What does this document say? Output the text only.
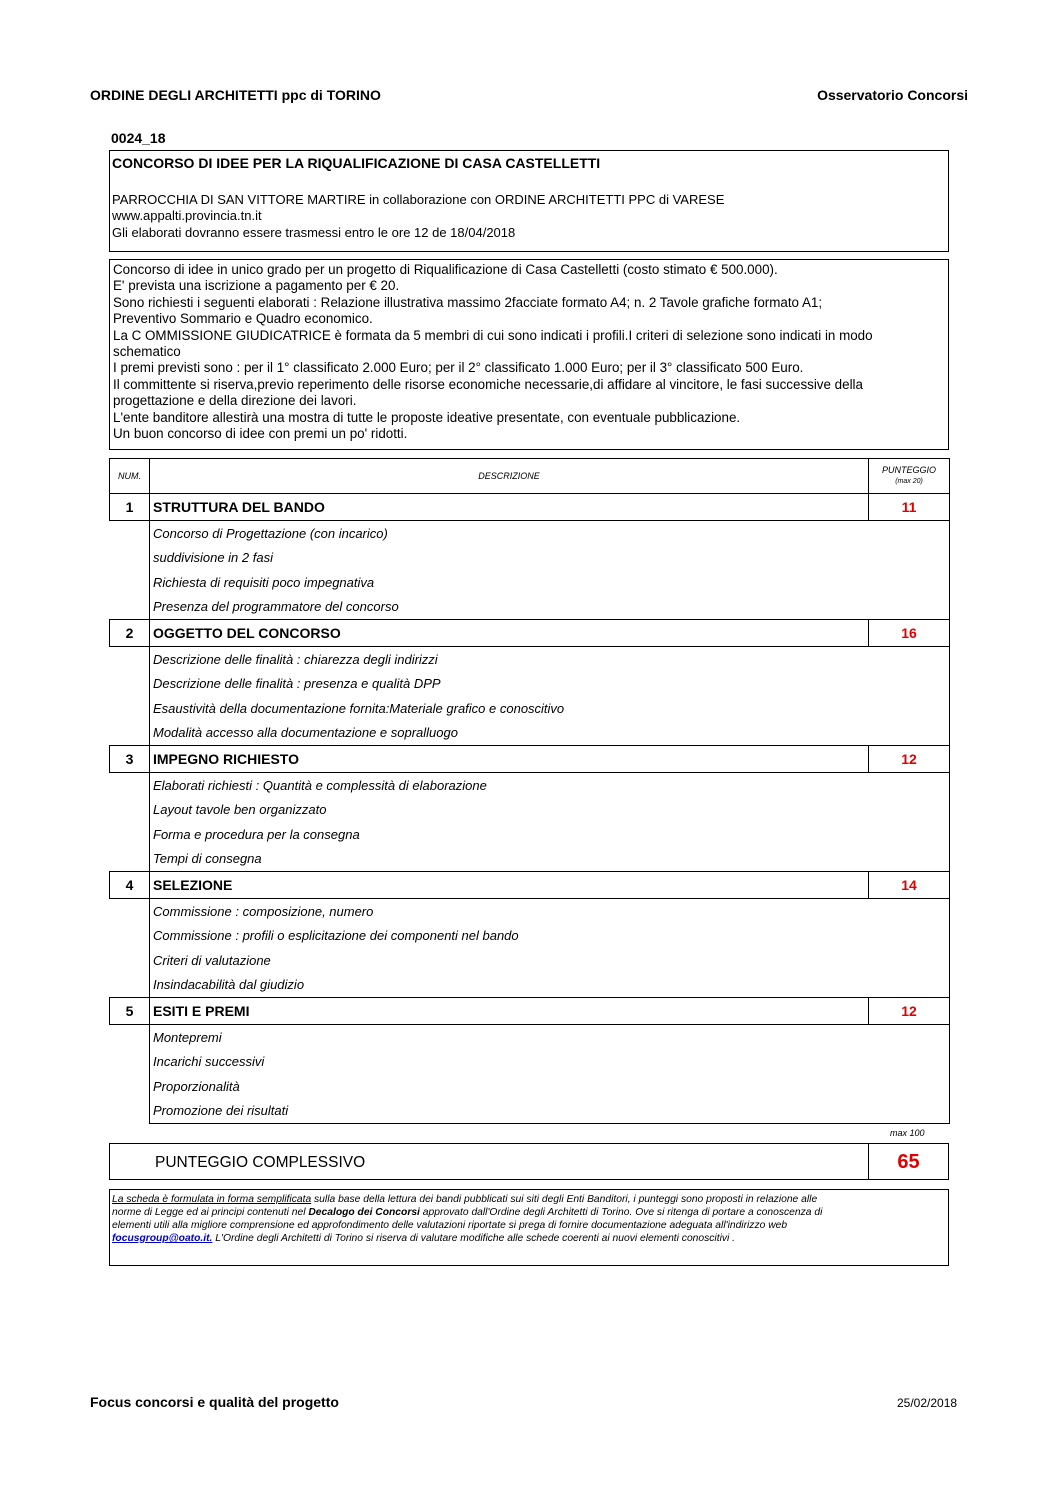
ORDINE DEGLI ARCHITETTI ppc di TORINO	Osservatorio Concorsi
0024_18
CONCORSO DI IDEE PER LA RIQUALIFICAZIONE DI CASA CASTELLETTI
PARROCCHIA DI SAN VITTORE MARTIRE in collaborazione con ORDINE ARCHITETTI PPC di VARESE
www.appalti.provincia.tn.it
Gli elaborati dovranno essere trasmessi entro le ore 12 de 18/04/2018
Concorso di idee in unico grado per un progetto di Riqualificazione di Casa Castelletti (costo stimato € 500.000).
E' prevista una iscrizione a pagamento per € 20.
Sono richiesti i seguenti elaborati : Relazione illustrativa massimo 2facciate formato A4; n. 2 Tavole grafiche formato A1;
Preventivo Sommario e Quadro economico.
La C OMMISSIONE GIUDICATRICE è formata da 5 membri di cui sono indicati i profili.I criteri di selezione sono indicati in modo
schematico
I premi previsti sono : per il 1° classificato 2.000 Euro; per il 2° classificato 1.000 Euro; per il 3° classificato 500 Euro.
Il committente si riserva,previo reperimento delle risorse economiche necessarie,di affidare al vincitore, le fasi successive della
progettazione e della direzione dei lavori.
L'ente banditore allestirà una mostra di tutte le proposte ideative presentate, con eventuale pubblicazione.
Un buon concorso di idee con premi un po' ridotti.
NUM.	DESCRIZIONE	PUNTEGGIO
(max 20)
1	STRUTTURA DEL BANDO	11
	Concorso di Progettazione (con incarico)	
	suddivisione in 2 fasi	
	Richiesta di requisiti poco impegnativa	
	Presenza del programmatore del concorso	
2	OGGETTO DEL CONCORSO	16
	Descrizione delle finalità : chiarezza degli indirizzi	
	Descrizione delle finalità : presenza e qualità DPP	
	Esaustività della documentazione fornita:Materiale grafico e conoscitivo	
	Modalità accesso alla documentazione e sopralluogo	
3	IMPEGNO RICHIESTO	12
	Elaborati richiesti : Quantità e complessità di elaborazione	
	Layout tavole ben organizzato	
	Forma e procedura per la consegna	
	Tempi di consegna	
4	SELEZIONE	14
	Commissione : composizione, numero	
	Commissione : profili o esplicitazione dei componenti nel bando	
	Criteri di valutazione	
	Insindacabilità dal giudizio	
5	ESITI E PREMI	12
	Montepremi	
	Incarichi successivi	
	Proporzionalità	
	Promozione dei risultati	
max 100
PUNTEGGIO COMPLESSIVO	65
La scheda è formulata in forma semplificata sulla base della lettura dei bandi pubblicati sui siti degli Enti Banditori, i punteggi sono proposti in relazione alle
norme di Legge ed ai principi contenuti nel Decalogo dei Concorsi approvato dall'Ordine degli Architetti di Torino. Ove si ritenga di portare a conoscenza di
elementi utili alla migliore comprensione ed approfondimento delle valutazioni riportate si prega di fornire documentazione adeguata all'indirizzo web
focusgroup@oato.it. L'Ordine degli Architetti di Torino si riserva di valutare modifiche alle schede coerenti ai nuovi elementi conoscitivi .
Focus concorsi e qualità del progetto	25/02/2018
